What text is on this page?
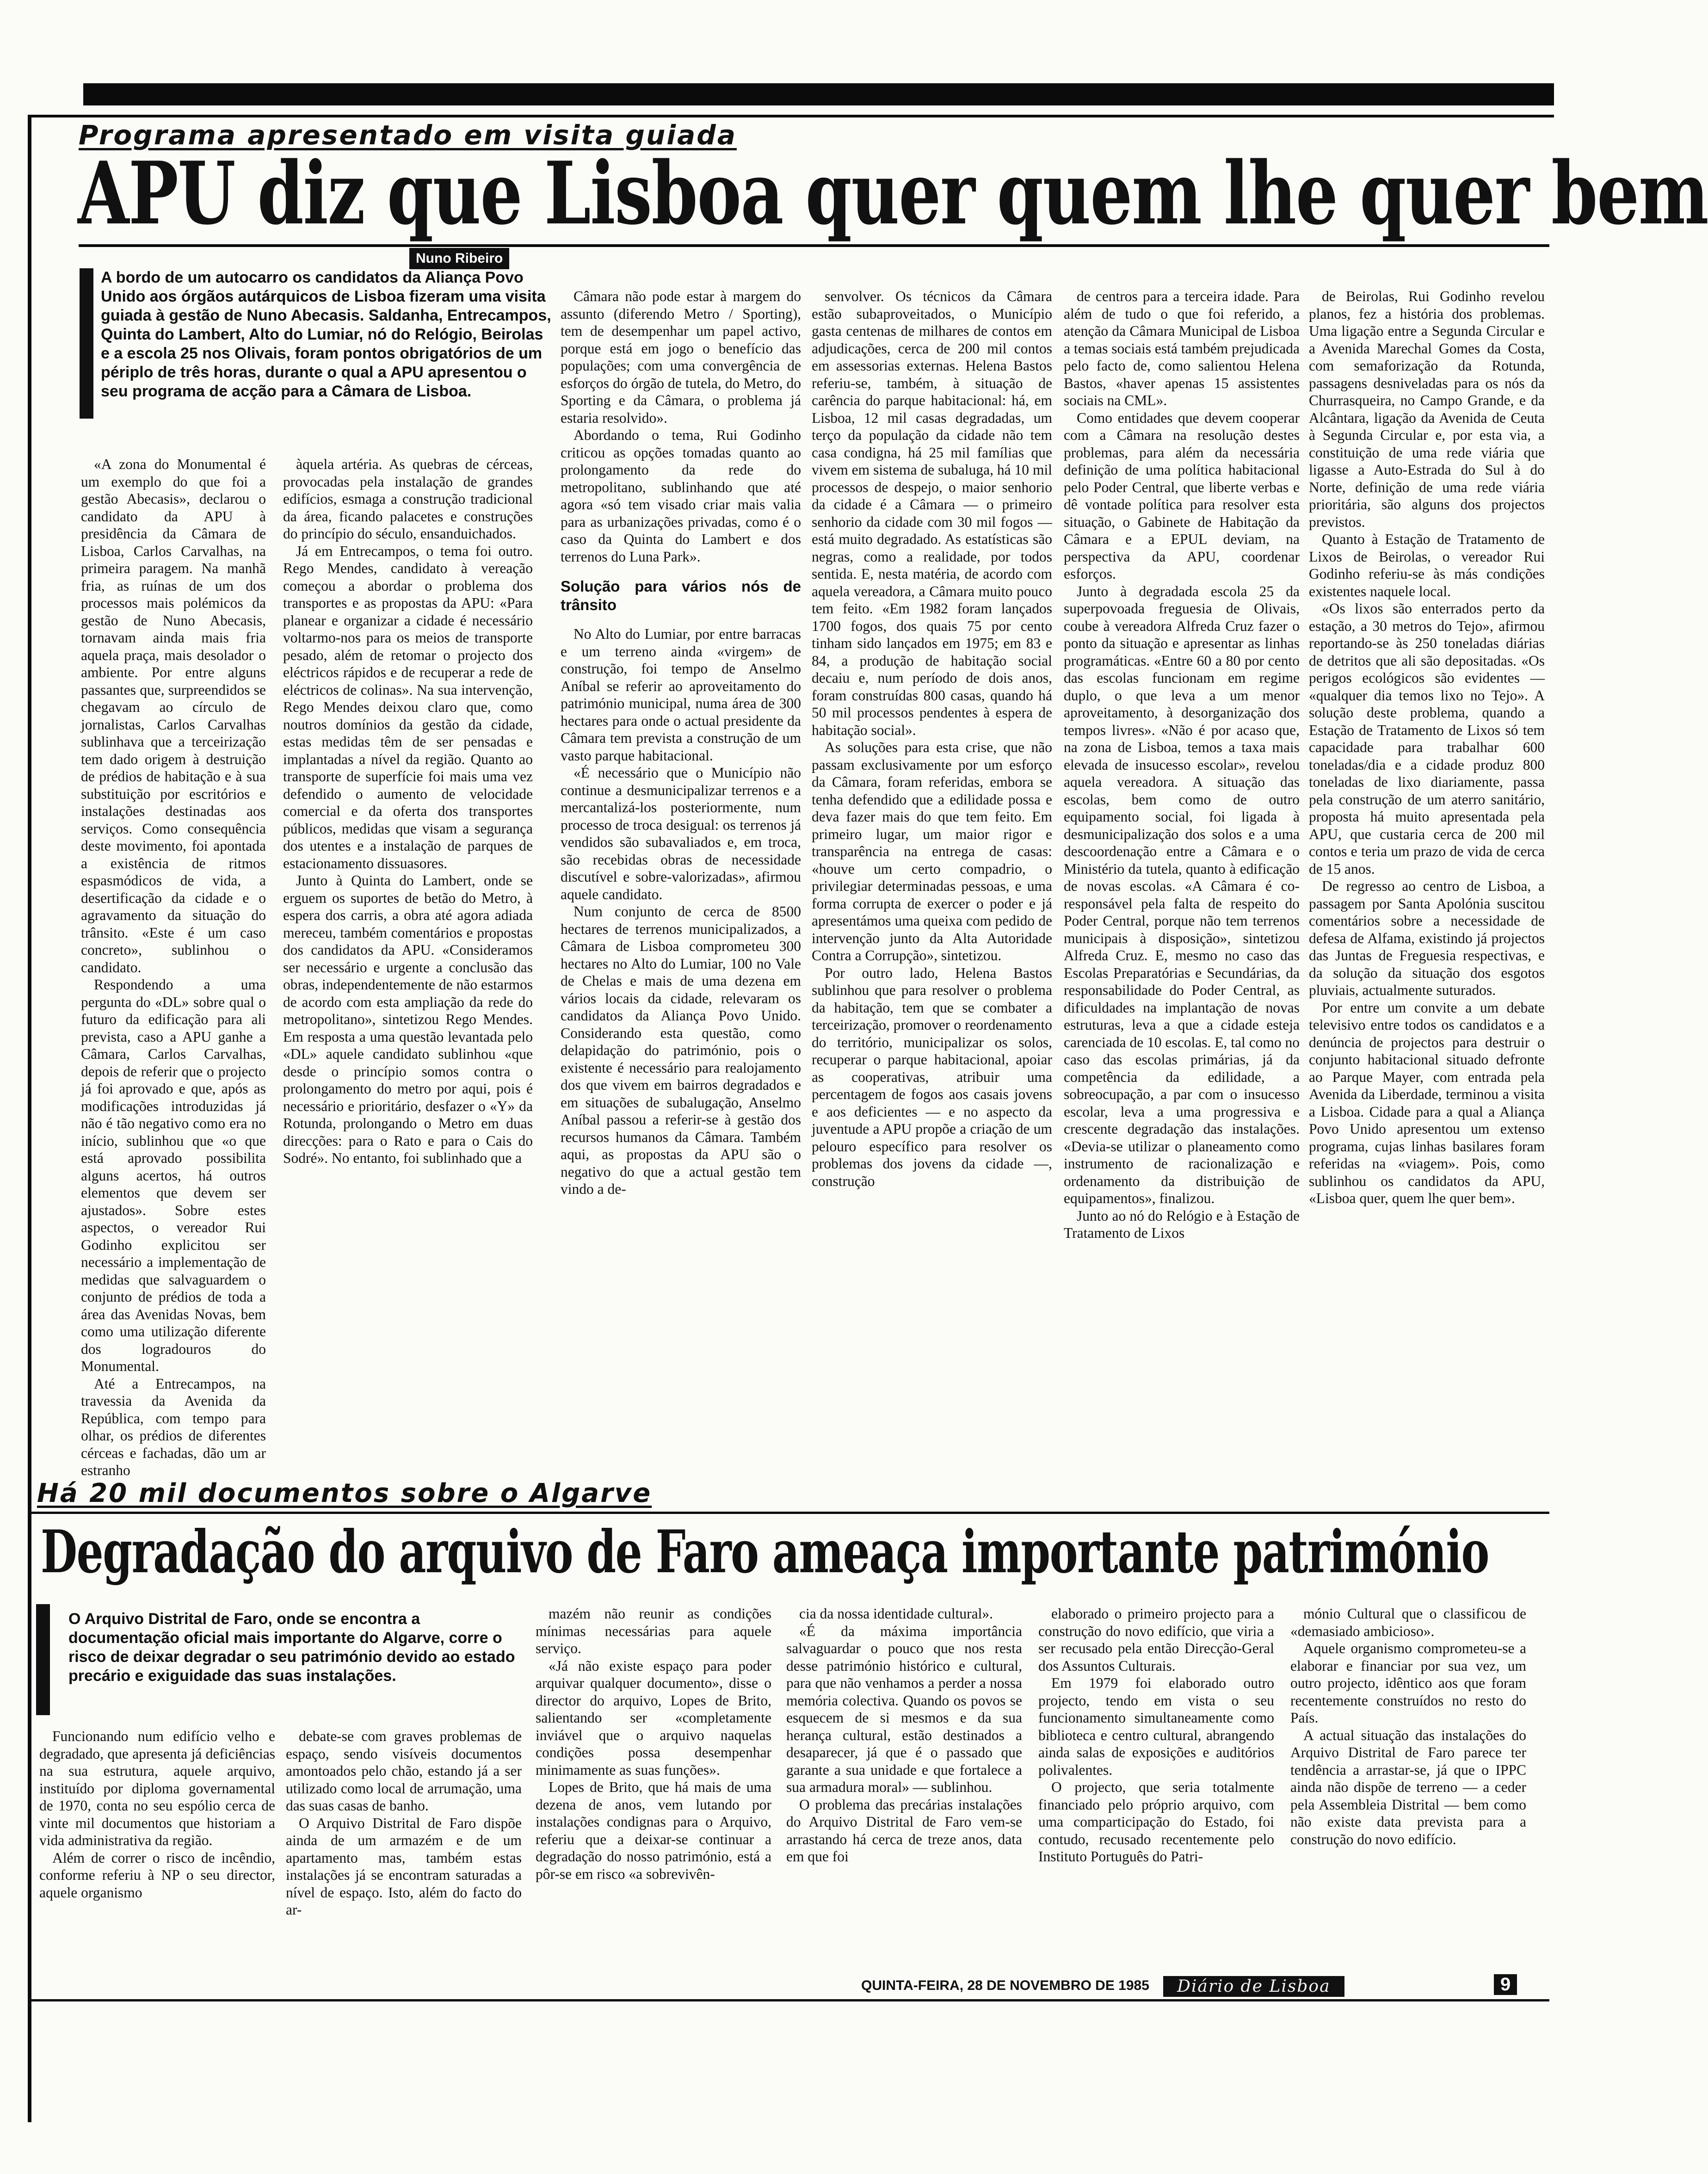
Programa apresentado em visita guiada
APU diz que Lisboa quer quem lhe quer bem
Nuno Ribeiro
A bordo de um autocarro os candidatos da Aliança Povo Unido aos órgãos autárquicos de Lisboa fizeram uma visita guiada à gestão de Nuno Abecasis. Saldanha, Entrecampos, Quinta do Lambert, Alto do Lumiar, nó do Relógio, Beirolas e a escola 25 nos Olivais, foram pontos obrigatórios de um périplo de três horas, durante o qual a APU apresentou o seu programa de acção para a Câmara de Lisboa.

«A zona do Monumental é um exemplo do que foi a gestão Abecasis», declarou o candidato da APU à presidência da Câmara de Lisboa, Carlos Carvalhas, na primeira paragem. Na manhã fria, as ruínas de um dos processos mais polémicos da gestão de Nuno Abecasis, tornavam ainda mais fria aquela praça, mais desolador o ambiente. Por entre alguns passantes que, surpreendidos se chegavam ao círculo de jornalistas, Carlos Carvalhas sublinhava que a terceirização tem dado origem à destruição de prédios de habitação e à sua substituição por escritórios e instalações destinadas aos serviços. Como consequência deste movimento, foi apontada a existência de ritmos espasmódicos de vida, a desertificação da cidade e o agravamento da situação do trânsito. «Este é um caso concreto», sublinhou o candidato.

Respondendo a uma pergunta do «DL» sobre qual o futuro da edificação para ali prevista, caso a APU ganhe a Câmara, Carlos Carvalhas, depois de referir que o projecto já foi aprovado e que, após as modificações introduzidas já não é tão negativo como era no início, sublinhou que «o que está aprovado possibilita alguns acertos, há outros elementos que devem ser ajustados». Sobre estes aspectos, o vereador Rui Godinho explicitou ser necessário a implementação de medidas que salvaguardem o conjunto de prédios de toda a área das Avenidas Novas, bem como uma utilização diferente dos logradouros do Monumental.

Até a Entrecampos, na travessia da Avenida da República, com tempo para olhar, os prédios de diferentes cérceas e fachadas, dão um ar estranho

àquela artéria. As quebras de cérceas, provocadas pela instalação de grandes edifícios, esmaga a construção tradicional da área, ficando palacetes e construções do princípio do século, ensanduichados.

Já em Entrecampos, o tema foi outro. Rego Mendes, candidato à vereação começou a abordar o problema dos transportes e as propostas da APU: «Para planear e organizar a cidade é necessário voltarmo-nos para os meios de transporte pesado, além de retomar o projecto dos eléctricos rápidos e de recuperar a rede de eléctricos de colinas». Na sua intervenção, Rego Mendes deixou claro que, como noutros domínios da gestão da cidade, estas medidas têm de ser pensadas e implantadas a nível da região. Quanto ao transporte de superfície foi mais uma vez defendido o aumento de velocidade comercial e da oferta dos transportes públicos, medidas que visam a segurança dos utentes e a instalação de parques de estacionamento dissuasores.

Junto à Quinta do Lambert, onde se erguem os suportes de betão do Metro, à espera dos carris, a obra até agora adiada mereceu, também comentários e propostas dos candidatos da APU. «Consideramos ser necessário e urgente a conclusão das obras, independentemente de não estarmos de acordo com esta ampliação da rede do metropolitano», sintetizou Rego Mendes. Em resposta a uma questão levantada pelo «DL» aquele candidato sublinhou «que desde o princípio somos contra o prolongamento do metro por aqui, pois é necessário e prioritário, desfazer o «Y» da Rotunda, prolongando o Metro em duas direcções: para o Rato e para o Cais do Sodré». No entanto, foi sublinhado que a

Câmara não pode estar à margem do assunto (diferendo Metro / Sporting), tem de desempenhar um papel activo, porque está em jogo o benefício das populações; com uma convergência de esforços do órgão de tutela, do Metro, do Sporting e da Câmara, o problema já estaria resolvido».

Abordando o tema, Rui Godinho criticou as opções tomadas quanto ao prolongamento da rede do metropolitano, sublinhando que até agora «só tem visado criar mais valia para as urbanizações privadas, como é o caso da Quinta do Lambert e dos terrenos do Luna Park».

Solução para vários nós de trânsito

No Alto do Lumiar, por entre barracas e um terreno ainda «virgem» de construção, foi tempo de Anselmo Aníbal se referir ao aproveitamento do património municipal, numa área de 300 hectares para onde o actual presidente da Câmara tem prevista a construção de um vasto parque habitacional.

«É necessário que o Município não continue a desmunicipalizar terrenos e a mercantalizá-los posteriormente, num processo de troca desigual: os terrenos já vendidos são subavaliados e, em troca, são recebidas obras de necessidade discutível e sobre-valorizadas», afirmou aquele candidato.

Num conjunto de cerca de 8500 hectares de terrenos municipalizados, a Câmara de Lisboa comprometeu 300 hectares no Alto do Lumiar, 100 no Vale de Chelas e mais de uma dezena em vários locais da cidade, relevaram os candidatos da Aliança Povo Unido. Considerando esta questão, como delapidação do património, pois o existente é necessário para realojamento dos que vivem em bairros degradados e em situações de subalugação, Anselmo Aníbal passou a referir-se à gestão dos recursos humanos da Câmara. Também aqui, as propostas da APU são o negativo do que a actual gestão tem vindo a de-

senvolver. Os técnicos da Câmara estão subaproveitados, o Município gasta centenas de milhares de contos em adjudicações, cerca de 200 mil contos em assessorias externas. Helena Bastos referiu-se, também, à situação de carência do parque habitacional: há, em Lisboa, 12 mil casas degradadas, um terço da população da cidade não tem casa condigna, há 25 mil famílias que vivem em sistema de subaluga, há 10 mil processos de despejo, o maior senhorio da cidade é a Câmara — o primeiro senhorio da cidade com 30 mil fogos — está muito degradado. As estatísticas são negras, como a realidade, por todos sentida. E, nesta matéria, de acordo com aquela vereadora, a Câmara muito pouco tem feito. «Em 1982 foram lançados 1700 fogos, dos quais 75 por cento tinham sido lançados em 1975; em 83 e 84, a produção de habitação social decaiu e, num período de dois anos, foram construídas 800 casas, quando há 50 mil processos pendentes à espera de habitação social».

As soluções para esta crise, que não passam exclusivamente por um esforço da Câmara, foram referidas, embora se tenha defendido que a edilidade possa e deva fazer mais do que tem feito. Em primeiro lugar, um maior rigor e transparência na entrega de casas: «houve um certo compadrio, o privilegiar determinadas pessoas, e uma forma corrupta de exercer o poder e já apresentámos uma queixa com pedido de intervenção junto da Alta Autoridade Contra a Corrupção», sintetizou.

Por outro lado, Helena Bastos sublinhou que para resolver o problema da habitação, tem que se combater a terceirização, promover o reordenamento do território, municipalizar os solos, recuperar o parque habitacional, apoiar as cooperativas, atribuir uma percentagem de fogos aos casais jovens e aos deficientes — e no aspecto da juventude a APU propõe a criação de um pelouro específico para resolver os problemas dos jovens da cidade —, construção

de centros para a terceira idade. Para além de tudo o que foi referido, a atenção da Câmara Municipal de Lisboa a temas sociais está também prejudicada pelo facto de, como salientou Helena Bastos, «haver apenas 15 assistentes sociais na CML».

Como entidades que devem cooperar com a Câmara na resolução destes problemas, para além da necessária definição de uma política habitacional pelo Poder Central, que liberte verbas e dê vontade política para resolver esta situação, o Gabinete de Habitação da Câmara e a EPUL deviam, na perspectiva da APU, coordenar esforços.

Junto à degradada escola 25 da superpovoada freguesia de Olivais, coube à vereadora Alfreda Cruz fazer o ponto da situação e apresentar as linhas programáticas. «Entre 60 a 80 por cento das escolas funcionam em regime duplo, o que leva a um menor aproveitamento, à desorganização dos tempos livres». «Não é por acaso que, na zona de Lisboa, temos a taxa mais elevada de insucesso escolar», revelou aquela vereadora. A situação das escolas, bem como de outro equipamento social, foi ligada à desmunicipalização dos solos e a uma descoordenação entre a Câmara e o Ministério da tutela, quanto à edificação de novas escolas. «A Câmara é co-responsável pela falta de respeito do Poder Central, porque não tem terrenos municipais à disposição», sintetizou Alfreda Cruz. E, mesmo no caso das Escolas Preparatórias e Secundárias, da responsabilidade do Poder Central, as dificuldades na implantação de novas estruturas, leva a que a cidade esteja carenciada de 10 escolas. E, tal como no caso das escolas primárias, já da competência da edilidade, a sobreocupação, a par com o insucesso escolar, leva a uma progressiva e crescente degradação das instalações. «Devia-se utilizar o planeamento como instrumento de racionalização e ordenamento da distribuição de equipamentos», finalizou.

Junto ao nó do Relógio e à Estação de Tratamento de Lixos

de Beirolas, Rui Godinho revelou planos, fez a história dos problemas. Uma ligação entre a Segunda Circular e a Avenida Marechal Gomes da Costa, com semaforização da Rotunda, passagens desniveladas para os nós da Churrasqueira, no Campo Grande, e da Alcântara, ligação da Avenida de Ceuta à Segunda Circular e, por esta via, a constituição de uma rede viária que ligasse a Auto-Estrada do Sul à do Norte, definição de uma rede viária prioritária, são alguns dos projectos previstos.

Quanto à Estação de Tratamento de Lixos de Beirolas, o vereador Rui Godinho referiu-se às más condições existentes naquele local.

«Os lixos são enterrados perto da estação, a 30 metros do Tejo», afirmou reportando-se às 250 toneladas diárias de detritos que ali são depositadas. «Os perigos ecológicos são evidentes — «qualquer dia temos lixo no Tejo». A solução deste problema, quando a Estação de Tratamento de Lixos só tem capacidade para trabalhar 600 toneladas/dia e a cidade produz 800 toneladas de lixo diariamente, passa pela construção de um aterro sanitário, proposta há muito apresentada pela APU, que custaria cerca de 200 mil contos e teria um prazo de vida de cerca de 15 anos.

De regresso ao centro de Lisboa, a passagem por Santa Apolónia suscitou comentários sobre a necessidade de defesa de Alfama, existindo já projectos das Juntas de Freguesia respectivas, e da solução da situação dos esgotos pluviais, actualmente suturados.

Por entre um convite a um debate televisivo entre todos os candidatos e a denúncia de projectos para destruir o conjunto habitacional situado defronte ao Parque Mayer, com entrada pela Avenida da Liberdade, terminou a visita a Lisboa. Cidade para a qual a Aliança Povo Unido apresentou um extenso programa, cujas linhas basilares foram referidas na «viagem». Pois, como sublinhou os candidatos da APU, «Lisboa quer, quem lhe quer bem».

Há 20 mil documentos sobre o Algarve
Degradação do arquivo de Faro ameaça importante património
O Arquivo Distrital de Faro, onde se encontra a documentação oficial mais importante do Algarve, corre o risco de deixar degradar o seu património devido ao estado precário e exiguidade das suas instalações.

Funcionando num edifício velho e degradado, que apresenta já deficiências na sua estrutura, aquele arquivo, instituído por diploma governamental de 1970, conta no seu espólio cerca de vinte mil documentos que historiam a vida administrativa da região.

Além de correr o risco de incêndio, conforme referiu à NP o seu director, aquele organismo

debate-se com graves problemas de espaço, sendo visíveis documentos amontoados pelo chão, estando já a ser utilizado como local de arrumação, uma das suas casas de banho.

O Arquivo Distrital de Faro dispõe ainda de um armazém e de um apartamento mas, também estas instalações já se encontram saturadas a nível de espaço. Isto, além do facto do ar-

mazém não reunir as condições mínimas necessárias para aquele serviço.

«Já não existe espaço para poder arquivar qualquer documento», disse o director do arquivo, Lopes de Brito, salientando ser «completamente inviável que o arquivo naquelas condições possa desempenhar minimamente as suas funções».

Lopes de Brito, que há mais de uma dezena de anos, vem lutando por instalações condignas para o Arquivo, referiu que a deixar-se continuar a degradação do nosso património, está a pôr-se em risco «a sobrevivên-

cia da nossa identidade cultural».

«É da máxima importância salvaguardar o pouco que nos resta desse património histórico e cultural, para que não venhamos a perder a nossa memória colectiva. Quando os povos se esquecem de si mesmos e da sua herança cultural, estão destinados a desaparecer, já que é o passado que garante a sua unidade e que fortalece a sua armadura moral» — sublinhou.

O problema das precárias instalações do Arquivo Distrital de Faro vem-se arrastando há cerca de treze anos, data em que foi

elaborado o primeiro projecto para a construção do novo edifício, que viria a ser recusado pela então Direcção-Geral dos Assuntos Culturais.

Em 1979 foi elaborado outro projecto, tendo em vista o seu funcionamento simultaneamente como biblioteca e centro cultural, abrangendo ainda salas de exposições e auditórios polivalentes.

O projecto, que seria totalmente financiado pelo próprio arquivo, com uma comparticipação do Estado, foi contudo, recusado recentemente pelo Instituto Português do Patri-

mónio Cultural que o classificou de «demasiado ambicioso».

Aquele organismo comprometeu-se a elaborar e financiar por sua vez, um outro projecto, idêntico aos que foram recentemente construídos no resto do País.

A actual situação das instalações do Arquivo Distrital de Faro parece ter tendência a arrastar-se, já que o IPPC ainda não dispõe de terreno — a ceder pela Assembleia Distrital — bem como não existe data prevista para a construção do novo edifício.

QUINTA-FEIRA, 28 DE NOVEMBRO DE 1985	Diário de Lisboa	9
